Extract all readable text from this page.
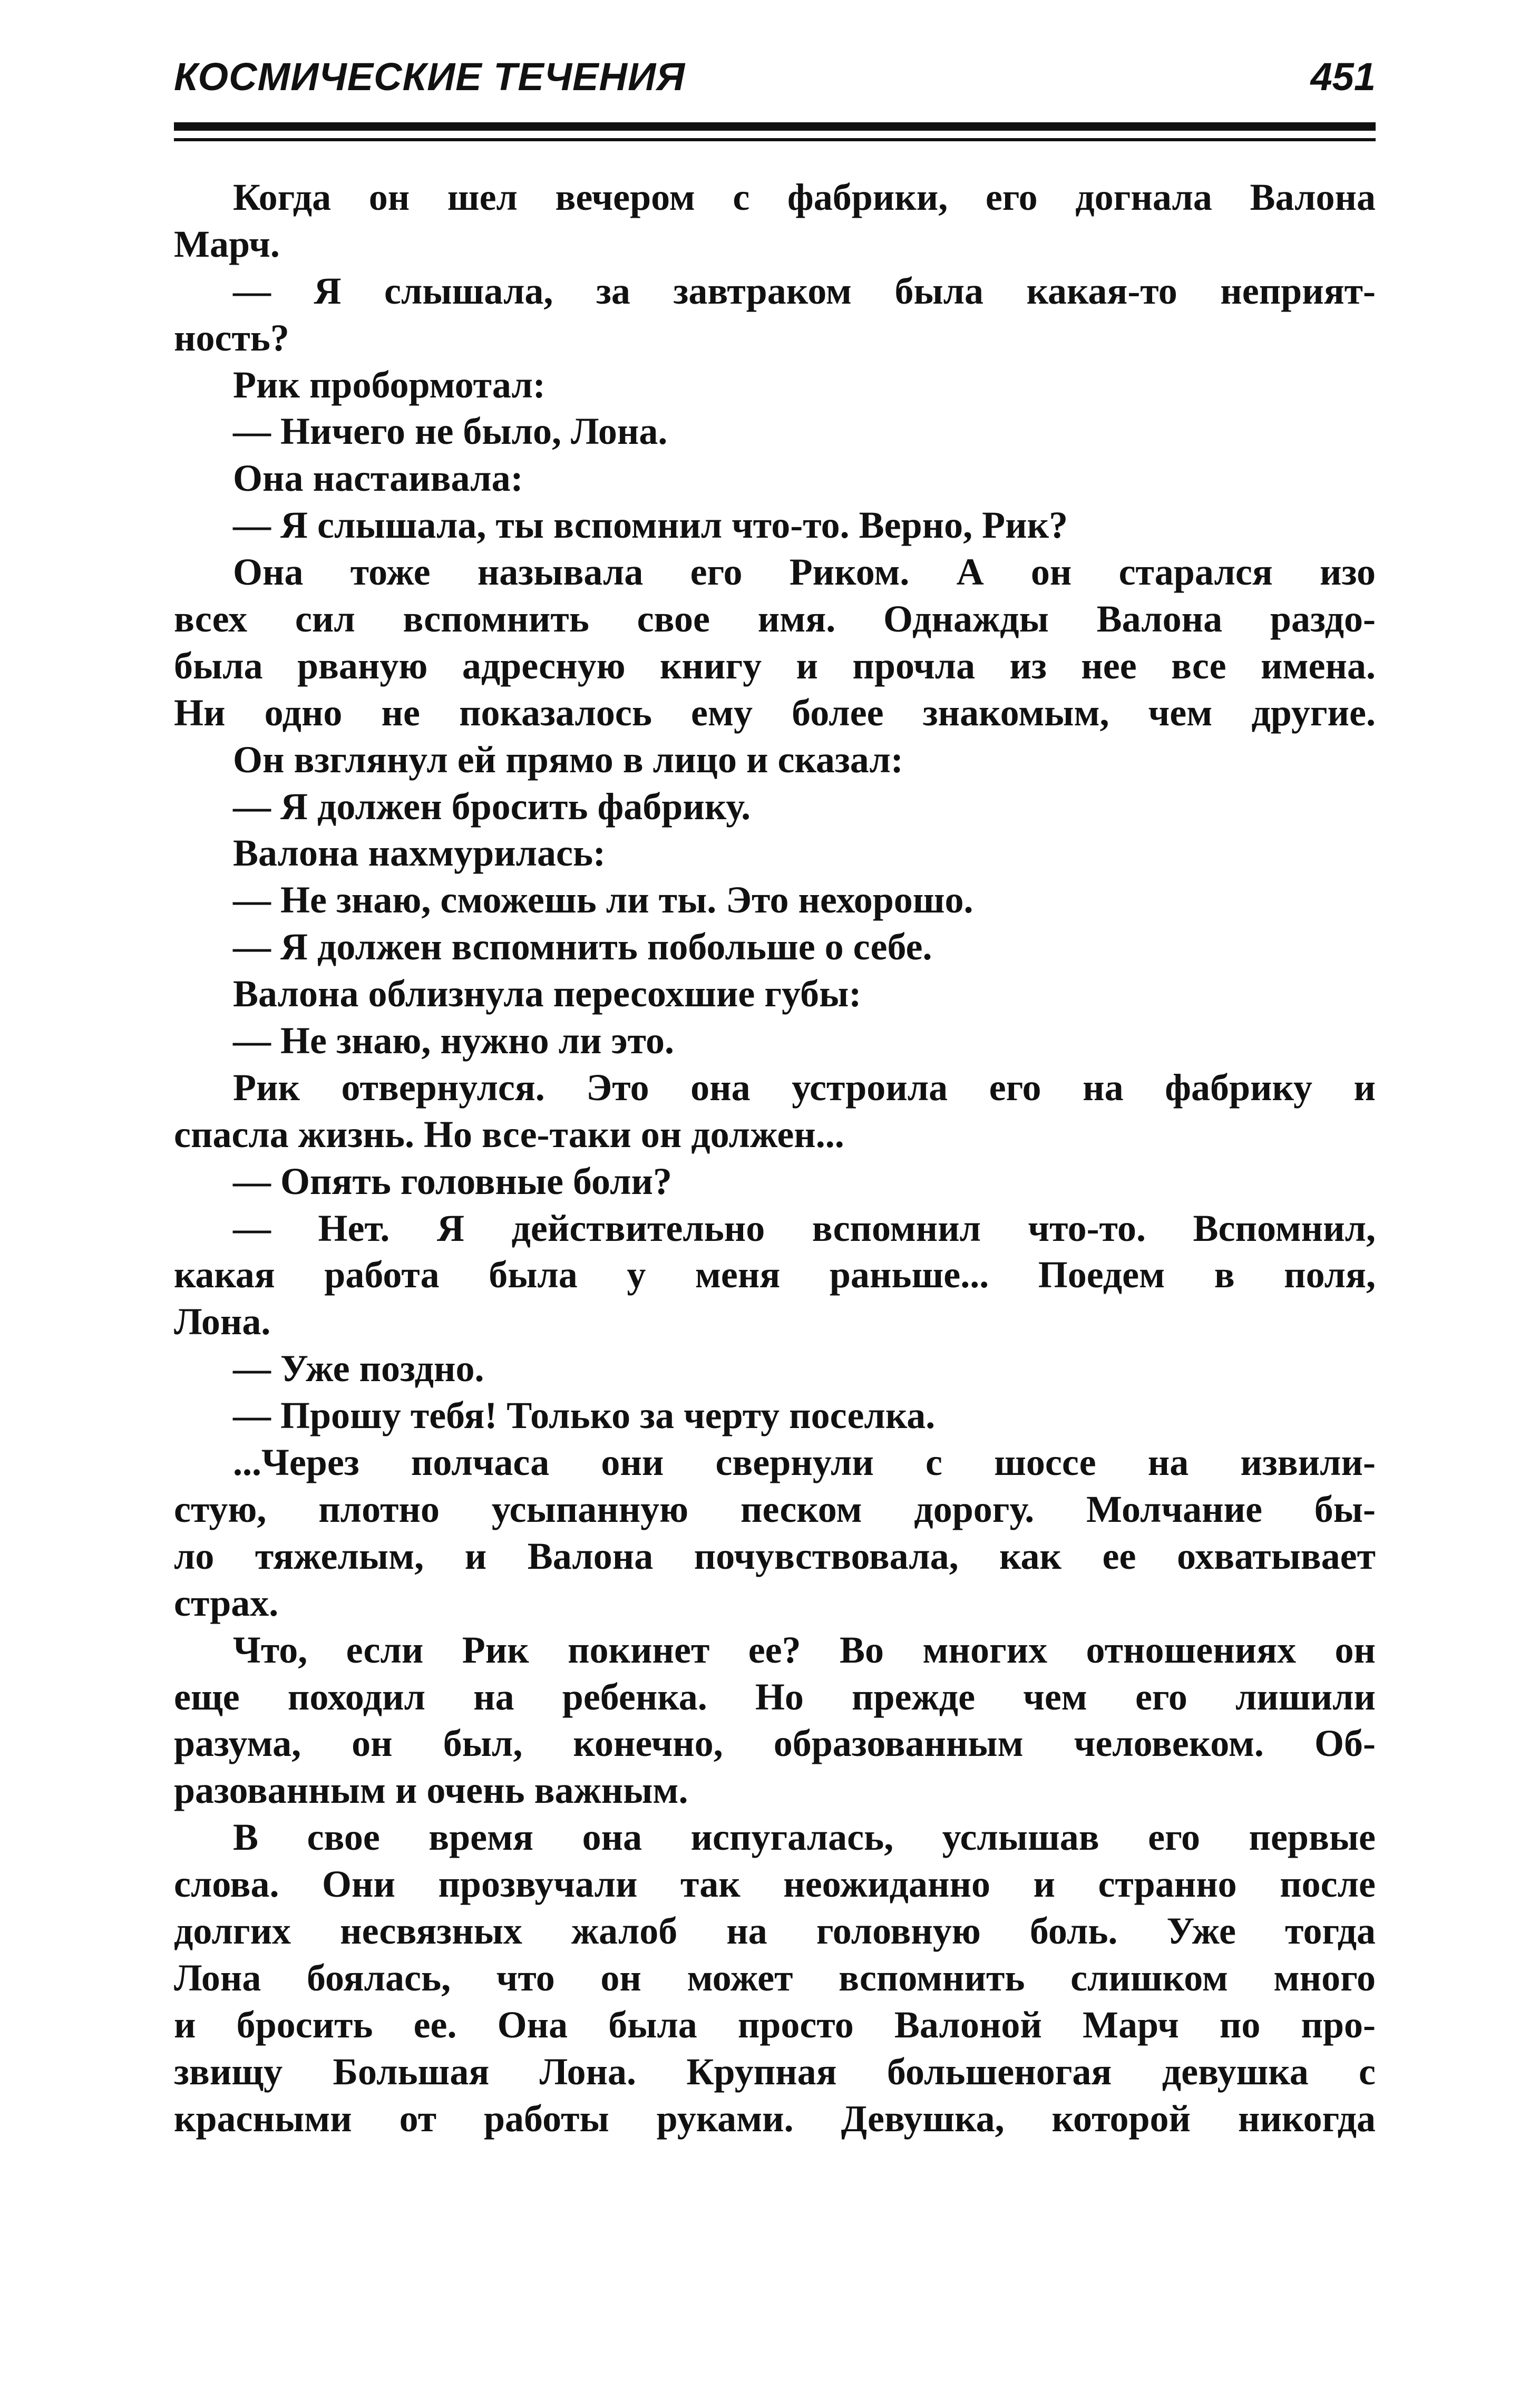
КОСМИЧЕСКИЕ ТЕЧЕНИЯ	451
Когда он шел вечером с фабрики, его догнала Валона
Марч.
— Я слышала, за завтраком была какая-то неприят-
ность?
Рик пробормотал:
— Ничего не было, Лона.
Она настаивала:
— Я слышала, ты вспомнил что-то. Верно, Рик?
Она тоже называла его Риком. А он старался изо
всех сил вспомнить свое имя. Однажды Валона раздо-
была рваную адресную книгу и прочла из нее все имена.
Ни одно не показалось ему более знакомым, чем другие.
Он взглянул ей прямо в лицо и сказал:
— Я должен бросить фабрику.
Валона нахмурилась:
— Не знаю, сможешь ли ты. Это нехорошо.
— Я должен вспомнить побольше о себе.
Валона облизнула пересохшие губы:
— Не знаю, нужно ли это.
Рик отвернулся. Это она устроила его на фабрику и
спасла жизнь. Но все-таки он должен...
— Опять головные боли?
— Нет. Я действительно вспомнил что-то. Вспомнил,
какая работа была у меня раньше... Поедем в поля,
Лона.
— Уже поздно.
— Прошу тебя! Только за черту поселка.
...Через полчаса они свернули с шоссе на извили-
стую, плотно усыпанную песком дорогу. Молчание бы-
ло тяжелым, и Валона почувствовала, как ее охватывает
страх.
Что, если Рик покинет ее? Во многих отношениях он
еще походил на ребенка. Но прежде чем его лишили
разума, он был, конечно, образованным человеком. Об-
разованным и очень важным.
В свое время она испугалась, услышав его первые
слова. Они прозвучали так неожиданно и странно после
долгих несвязных жалоб на головную боль. Уже тогда
Лона боялась, что он может вспомнить слишком много
и бросить ее. Она была просто Валоной Марч по про-
звищу Большая Лона. Крупная большеногая девушка с
красными от работы руками. Девушка, которой никогда
